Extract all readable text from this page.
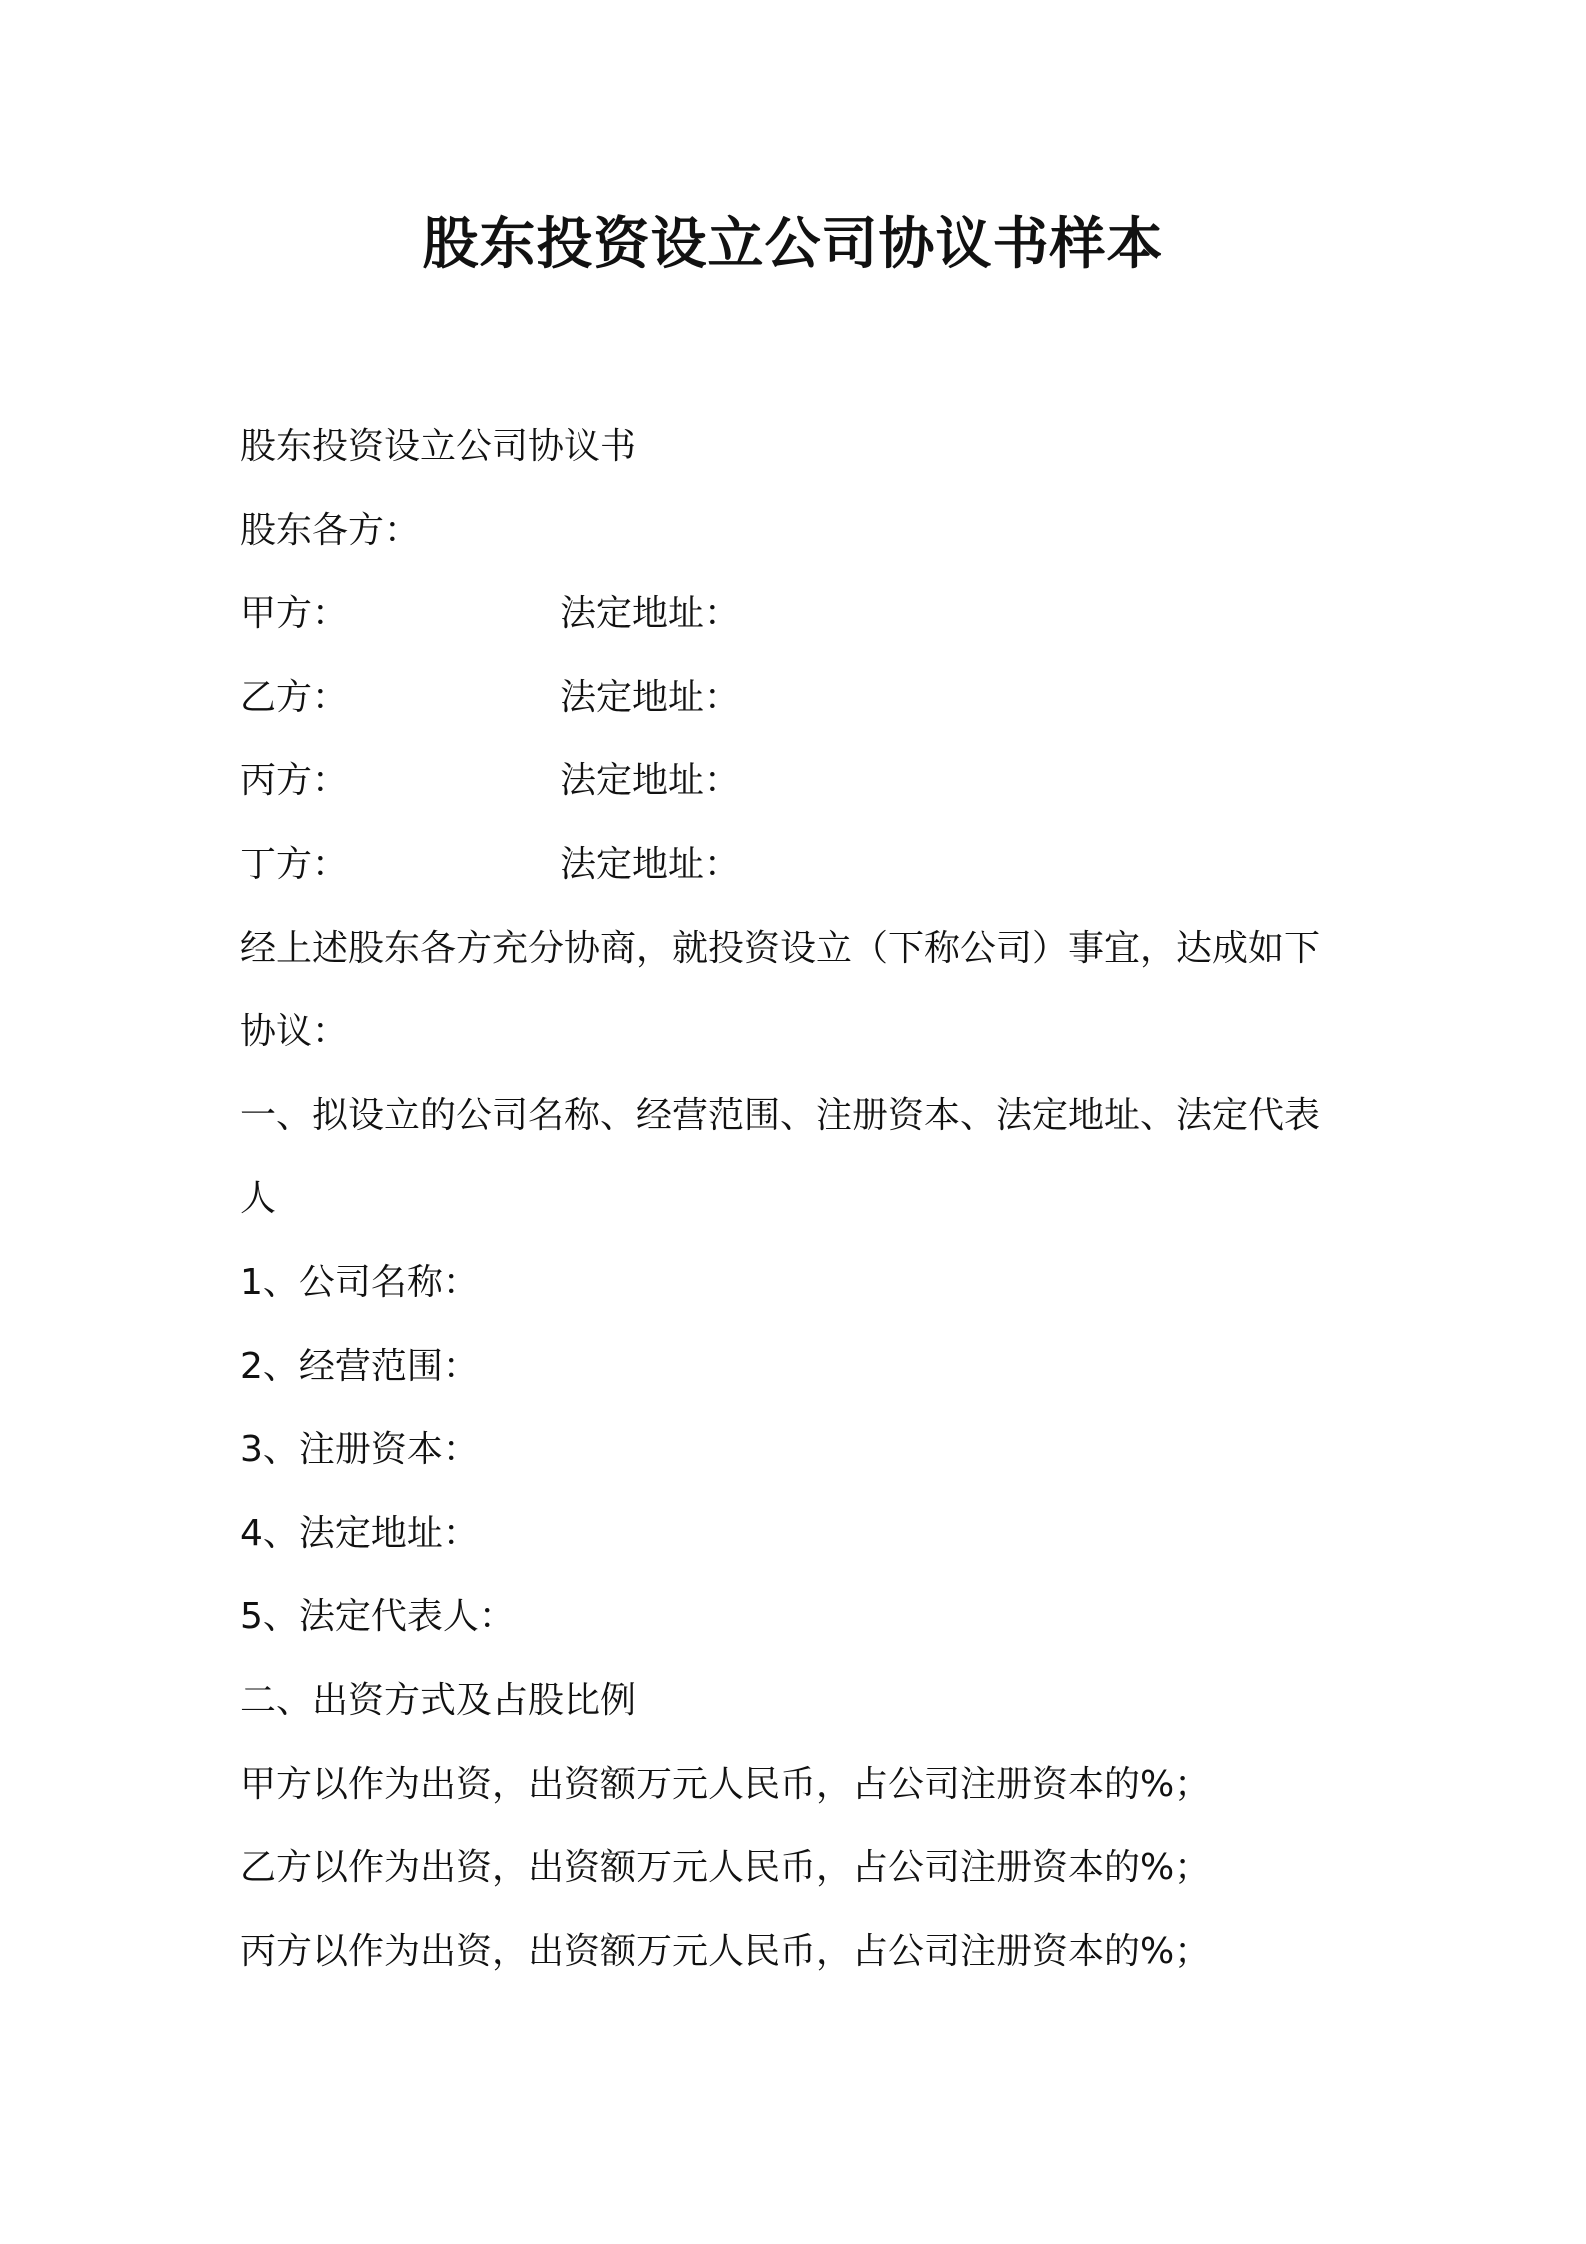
股东投资设立公司协议书样本

股东投资设立公司协议书

股东各方：

甲方：	法定地址：
乙方：	法定地址：
丙方：	法定地址：
丁方：	法定地址：

经上述股东各方充分协商，就投资设立（下称公司）事宜，达成如下

协议：

一、拟设立的公司名称、经营范围、注册资本、法定地址、法定代表

人

1、公司名称：

2、经营范围：

3、注册资本：

4、法定地址：

5、法定代表人：

二、出资方式及占股比例

甲方以作为出资，出资额万元人民币，占公司注册资本的%；

乙方以作为出资，出资额万元人民币，占公司注册资本的%；

丙方以作为出资，出资额万元人民币，占公司注册资本的%；
